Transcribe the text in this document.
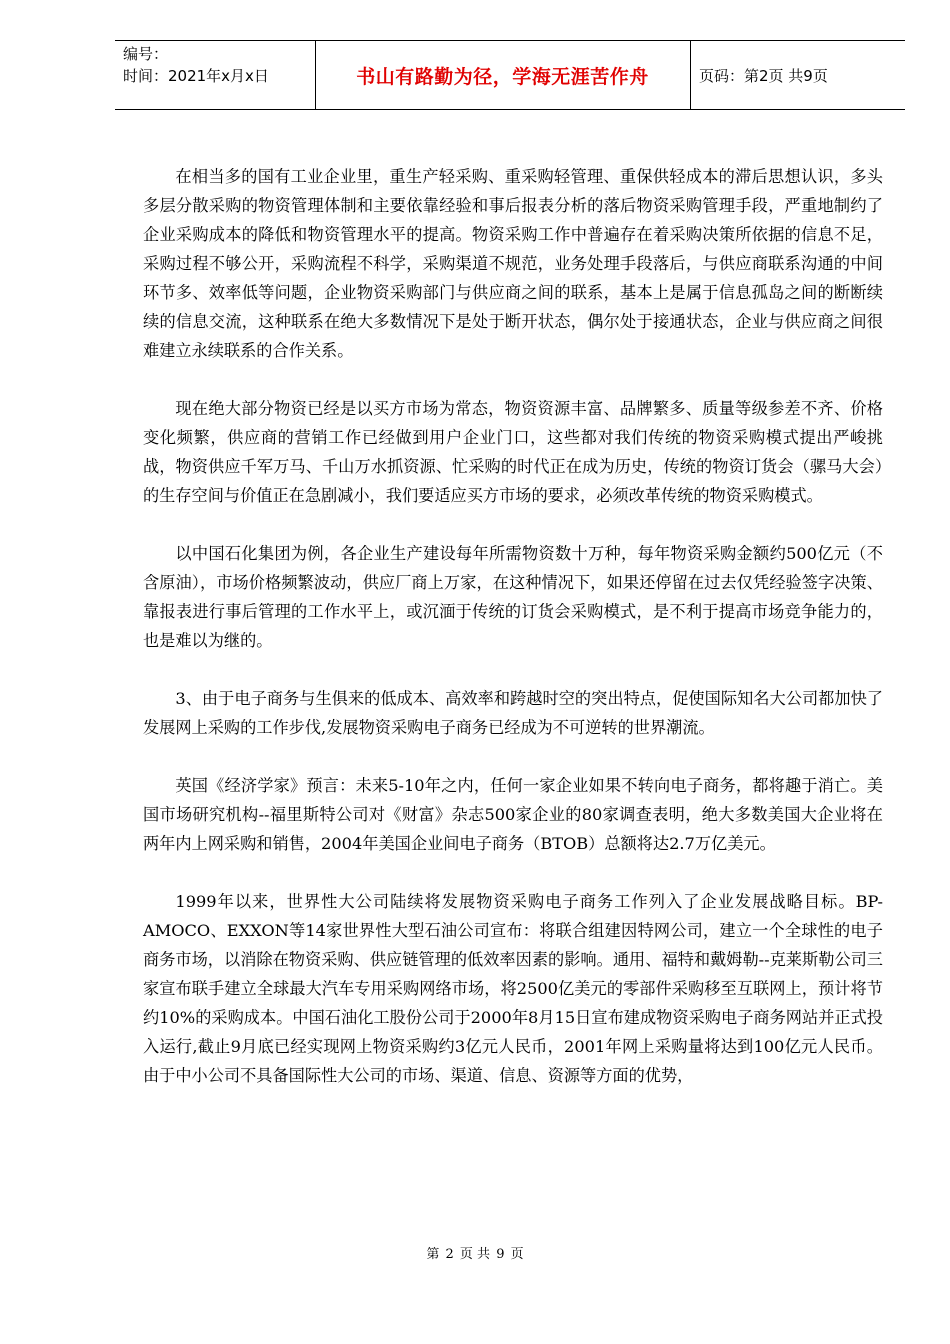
编号：
时间：2021年x月x日	书山有路勤为径，学海无涯苦作舟	页码：第2页 共9页

在相当多的国有工业企业里，重生产轻采购、重采购轻管理、重保供轻成本的滞后思想认识，多头多层分散采购的物资管理体制和主要依靠经验和事后报表分析的落后物资采购管理手段，严重地制约了企业采购成本的降低和物资管理水平的提高。物资采购工作中普遍存在着采购决策所依据的信息不足，采购过程不够公开，采购流程不科学，采购渠道不规范，业务处理手段落后，与供应商联系沟通的中间环节多、效率低等问题，企业物资采购部门与供应商之间的联系，基本上是属于信息孤岛之间的断断续续的信息交流，这种联系在绝大多数情况下是处于断开状态，偶尔处于接通状态，企业与供应商之间很难建立永续联系的合作关系。

现在绝大部分物资已经是以买方市场为常态，物资资源丰富、品牌繁多、质量等级参差不齐、价格变化频繁，供应商的营销工作已经做到用户企业门口，这些都对我们传统的物资采购模式提出严峻挑战，物资供应千军万马、千山万水抓资源、忙采购的时代正在成为历史，传统的物资订货会（骡马大会）的生存空间与价值正在急剧减小，我们要适应买方市场的要求，必须改革传统的物资采购模式。

以中国石化集团为例，各企业生产建设每年所需物资数十万种，每年物资采购金额约500亿元（不含原油），市场价格频繁波动，供应厂商上万家，在这种情况下，如果还停留在过去仅凭经验签字决策、靠报表进行事后管理的工作水平上，或沉湎于传统的订货会采购模式，是不利于提高市场竞争能力的，也是难以为继的。

3、由于电子商务与生俱来的低成本、高效率和跨越时空的突出特点，促使国际知名大公司都加快了发展网上采购的工作步伐,发展物资采购电子商务已经成为不可逆转的世界潮流。

英国《经济学家》预言：未来5-10年之内，任何一家企业如果不转向电子商务，都将趣于消亡。美国市场研究机构--福里斯特公司对《财富》杂志500家企业的80家调查表明，绝大多数美国大企业将在两年内上网采购和销售，2004年美国企业间电子商务（BTOB）总额将达2.7万亿美元。

1999年以来，世界性大公司陆续将发展物资采购电子商务工作列入了企业发展战略目标。BP-AMOCO、EXXON等14家世界性大型石油公司宣布：将联合组建因特网公司，建立一个全球性的电子商务市场，以消除在物资采购、供应链管理的低效率因素的影响。通用、福特和戴姆勒--克莱斯勒公司三家宣布联手建立全球最大汽车专用采购网络市场，将2500亿美元的零部件采购移至互联网上，预计将节约10%的采购成本。中国石油化工股份公司于2000年8月15日宣布建成物资采购电子商务网站并正式投入运行,截止9月底已经实现网上物资采购约3亿元人民币，2001年网上采购量将达到100亿元人民币。由于中小公司不具备国际性大公司的市场、渠道、信息、资源等方面的优势，

第 2 页 共 9 页
